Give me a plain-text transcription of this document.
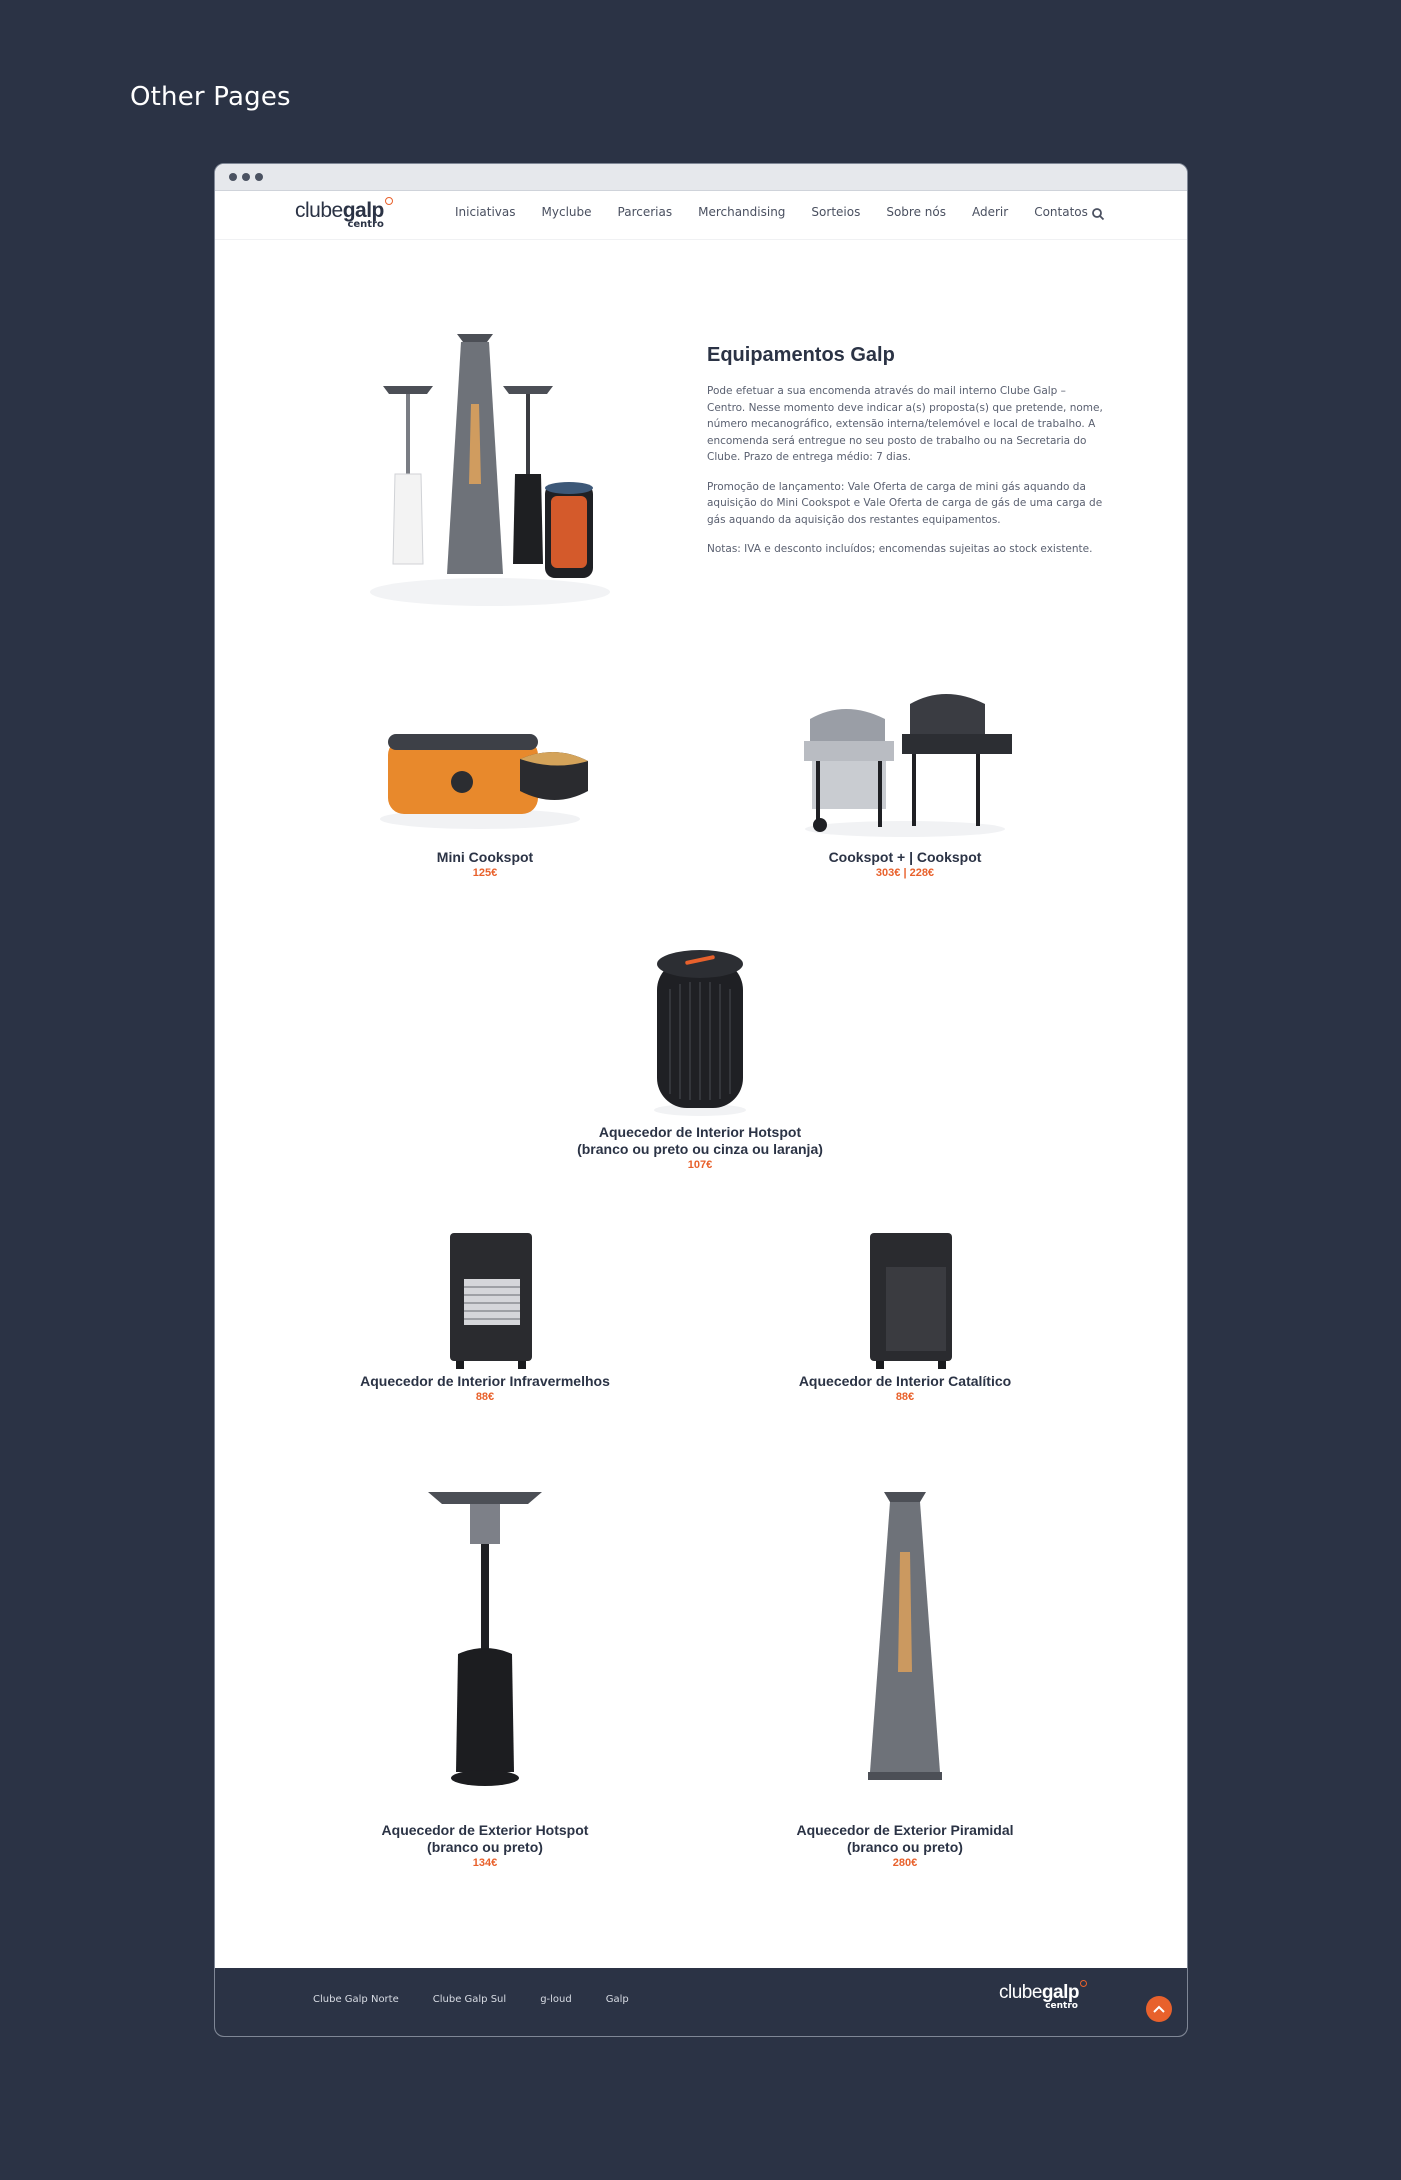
Other Pages
clubegalp
centro
Iniciativas Myclube Parcerias Merchandising Sorteios Sobre nós Aderir Contatos
Equipamentos Galp

Pode efetuar a sua encomenda através do mail interno Clube Galp – Centro. Nesse momento deve indicar a(s) proposta(s) que pretende, nome, número mecanográfico, extensão interna/telemóvel e local de trabalho. A encomenda será entregue no seu posto de trabalho ou na Secretaria do Clube. Prazo de entrega médio: 7 dias.

Promoção de lançamento: Vale Oferta de carga de mini gás aquando da aquisição do Mini Cookspot e Vale Oferta de carga de gás de uma carga de gás aquando da aquisição dos restantes equipamentos.

Notas: IVA e desconto incluídos; encomendas sujeitas ao stock existente.

Mini Cookspot
125€
Cookspot + | Cookspot
303€ | 228€
Aquecedor de Interior Hotspot
(branco ou preto ou cinza ou laranja)
107€
Aquecedor de Interior Infravermelhos
88€
Aquecedor de Interior Catalítico
88€
Aquecedor de Exterior Hotspot
(branco ou preto)
134€
Aquecedor de Exterior Piramidal
(branco ou preto)
280€
Clube Galp Norte	Clube Galp Sul	g-loud	Galp	clubegalp
centro
